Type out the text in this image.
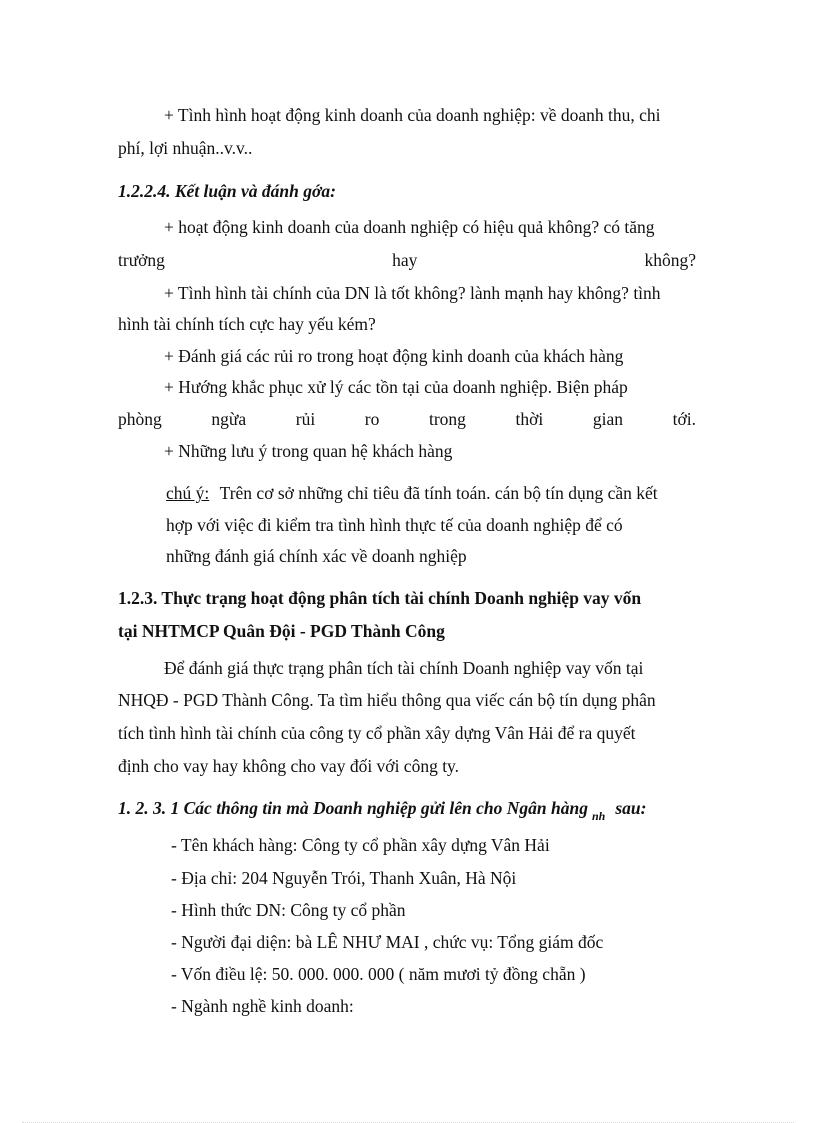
+ Tình hình hoạt động kinh doanh của doanh nghiệp: về doanh thu, chi
phí, lợi nhuận..v.v..
1.2.2.4. Kết luận và đánh gớa:
+ hoạt động kinh doanh của doanh nghiệp có hiệu quả không? có tăng
trưởng hay không?
+ Tình hình tài chính của DN là tốt không? lành mạnh hay không? tình
hình tài chính tích cực hay yếu kém?
+ Đánh giá các rủi ro trong hoạt động kinh doanh của khách hàng
+ Hướng khắc phục xử lý các tồn tại của doanh nghiệp. Biện pháp
phòng ngừa rủi ro trong thời gian tới.
+ Những lưu ý trong quan hệ khách hàng
chú ý: Trên cơ sở những chỉ tiêu đã tính toán. cán bộ tín dụng cần kết
hợp với việc đi kiểm tra tình hình thực tế của doanh nghiệp để có
những đánh giá chính xác về doanh nghiệp
1.2.3. Thực trạng hoạt động phân tích tài chính Doanh nghiệp vay vốn
tại NHTMCP Quân Đội - PGD Thành Công
Để đánh giá thực trạng phân tích tài chính Doanh nghiệp vay vốn tại
NHQĐ - PGD Thành Công. Ta tìm hiểu thông qua viếc cán bộ tín dụng phân
tích tình hình tài chính của công ty cổ phần xây dựng Vân Hải để ra quyết
định cho vay hay không cho vay đối với công ty.
1. 2. 3. 1 Các thông tin mà Doanh nghiệp gửi lên cho Ngân hàng $_{nh}$ sau:
- Tên khách hàng: Công ty cổ phần xây dựng Vân Hải
- Địa chỉ: 204 Nguyễn Trói, Thanh Xuân, Hà Nội
- Hình thức DN: Công ty cổ phần
- Người đại diện: bà LÊ NHƯ MAI , chức vụ: Tổng giám đốc
- Vốn điều lệ: 50. 000. 000. 000 ( năm mươi tỷ đồng chẵn )
- Ngành nghề kinh doanh:
